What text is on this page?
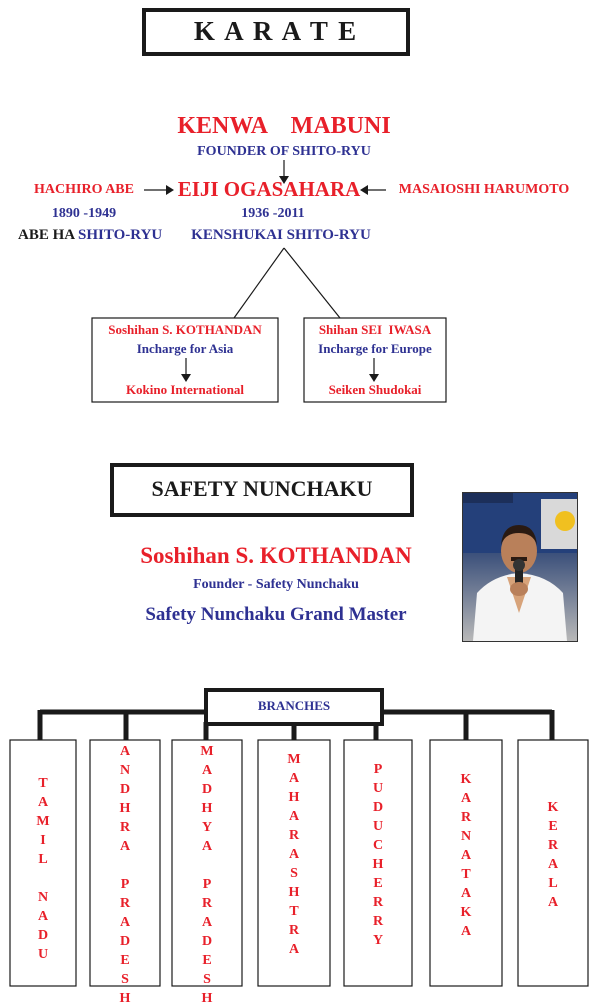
K A R A T E
KENWA    MABUNI
FOUNDER OF SHITO-RYU
HACHIRO ABE	EIJI OGASAHARA	MASAIOSHI HARUMOTO
1890 -1949	1936 -2011
ABE HA SHITO-RYU	KENSHUKAI SHITO-RYU
Soshihan S. KOTHANDAN
Incharge for Asia
Kokino International
Shihan SEI  IWASA
Incharge for Europe
Seiken Shudokai
SAFETY NUNCHAKU
Soshihan S. KOTHANDAN
Founder - Safety Nunchaku
Safety Nunchaku Grand Master
BRANCHES
T
A
M
I
L
N
A
D
U
A
N
D
H
R
A
P
R
A
D
E
S
H
M
A
D
H
Y
A
P
R
A
D
E
S
H
M
A
H
A
R
A
S
H
T
R
A
P
U
D
U
C
H
E
R
R
Y
K
A
R
N
A
T
A
K
A
K
E
R
A
L
A
